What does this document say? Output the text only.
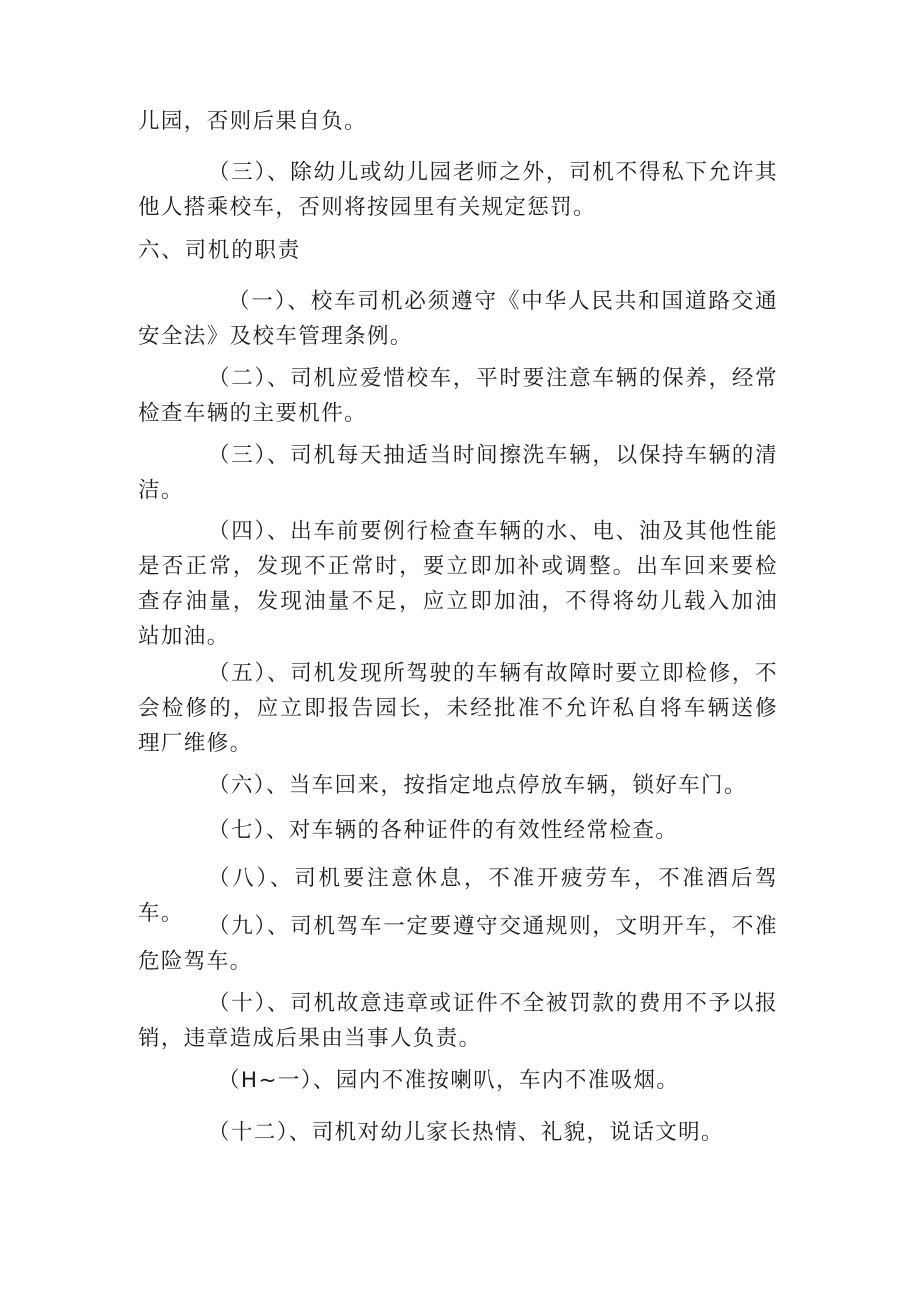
儿园，否则后果自负。

（三）、除幼儿或幼儿园老师之外，司机不得私下允许其他人搭乘校车，否则将按园里有关规定惩罚。

六、司机的职责

（一）、校车司机必须遵守《中华人民共和国道路交通安全法》及校车管理条例。

（二）、司机应爱惜校车，平时要注意车辆的保养，经常检查车辆的主要机件。

（三）、司机每天抽适当时间擦洗车辆，以保持车辆的清洁。

（四）、出车前要例行检查车辆的水、电、油及其他性能是否正常，发现不正常时，要立即加补或调整。出车回来要检查存油量，发现油量不足，应立即加油，不得将幼儿载入加油站加油。

（五）、司机发现所驾驶的车辆有故障时要立即检修，不会检修的，应立即报告园长，未经批准不允许私自将车辆送修理厂维修。

（六）、当车回来，按指定地点停放车辆，锁好车门。

（七）、对车辆的各种证件的有效性经常检查。

（八）、司机要注意休息，不准开疲劳车，不准酒后驾车。

（九）、司机驾车一定要遵守交通规则，文明开车，不准危险驾车。

（十）、司机故意违章或证件不全被罚款的费用不予以报销，违章造成后果由当事人负责。

（H~一）、园内不准按喇叭，车内不准吸烟。

（十二）、司机对幼儿家长热情、礼貌，说话文明。
